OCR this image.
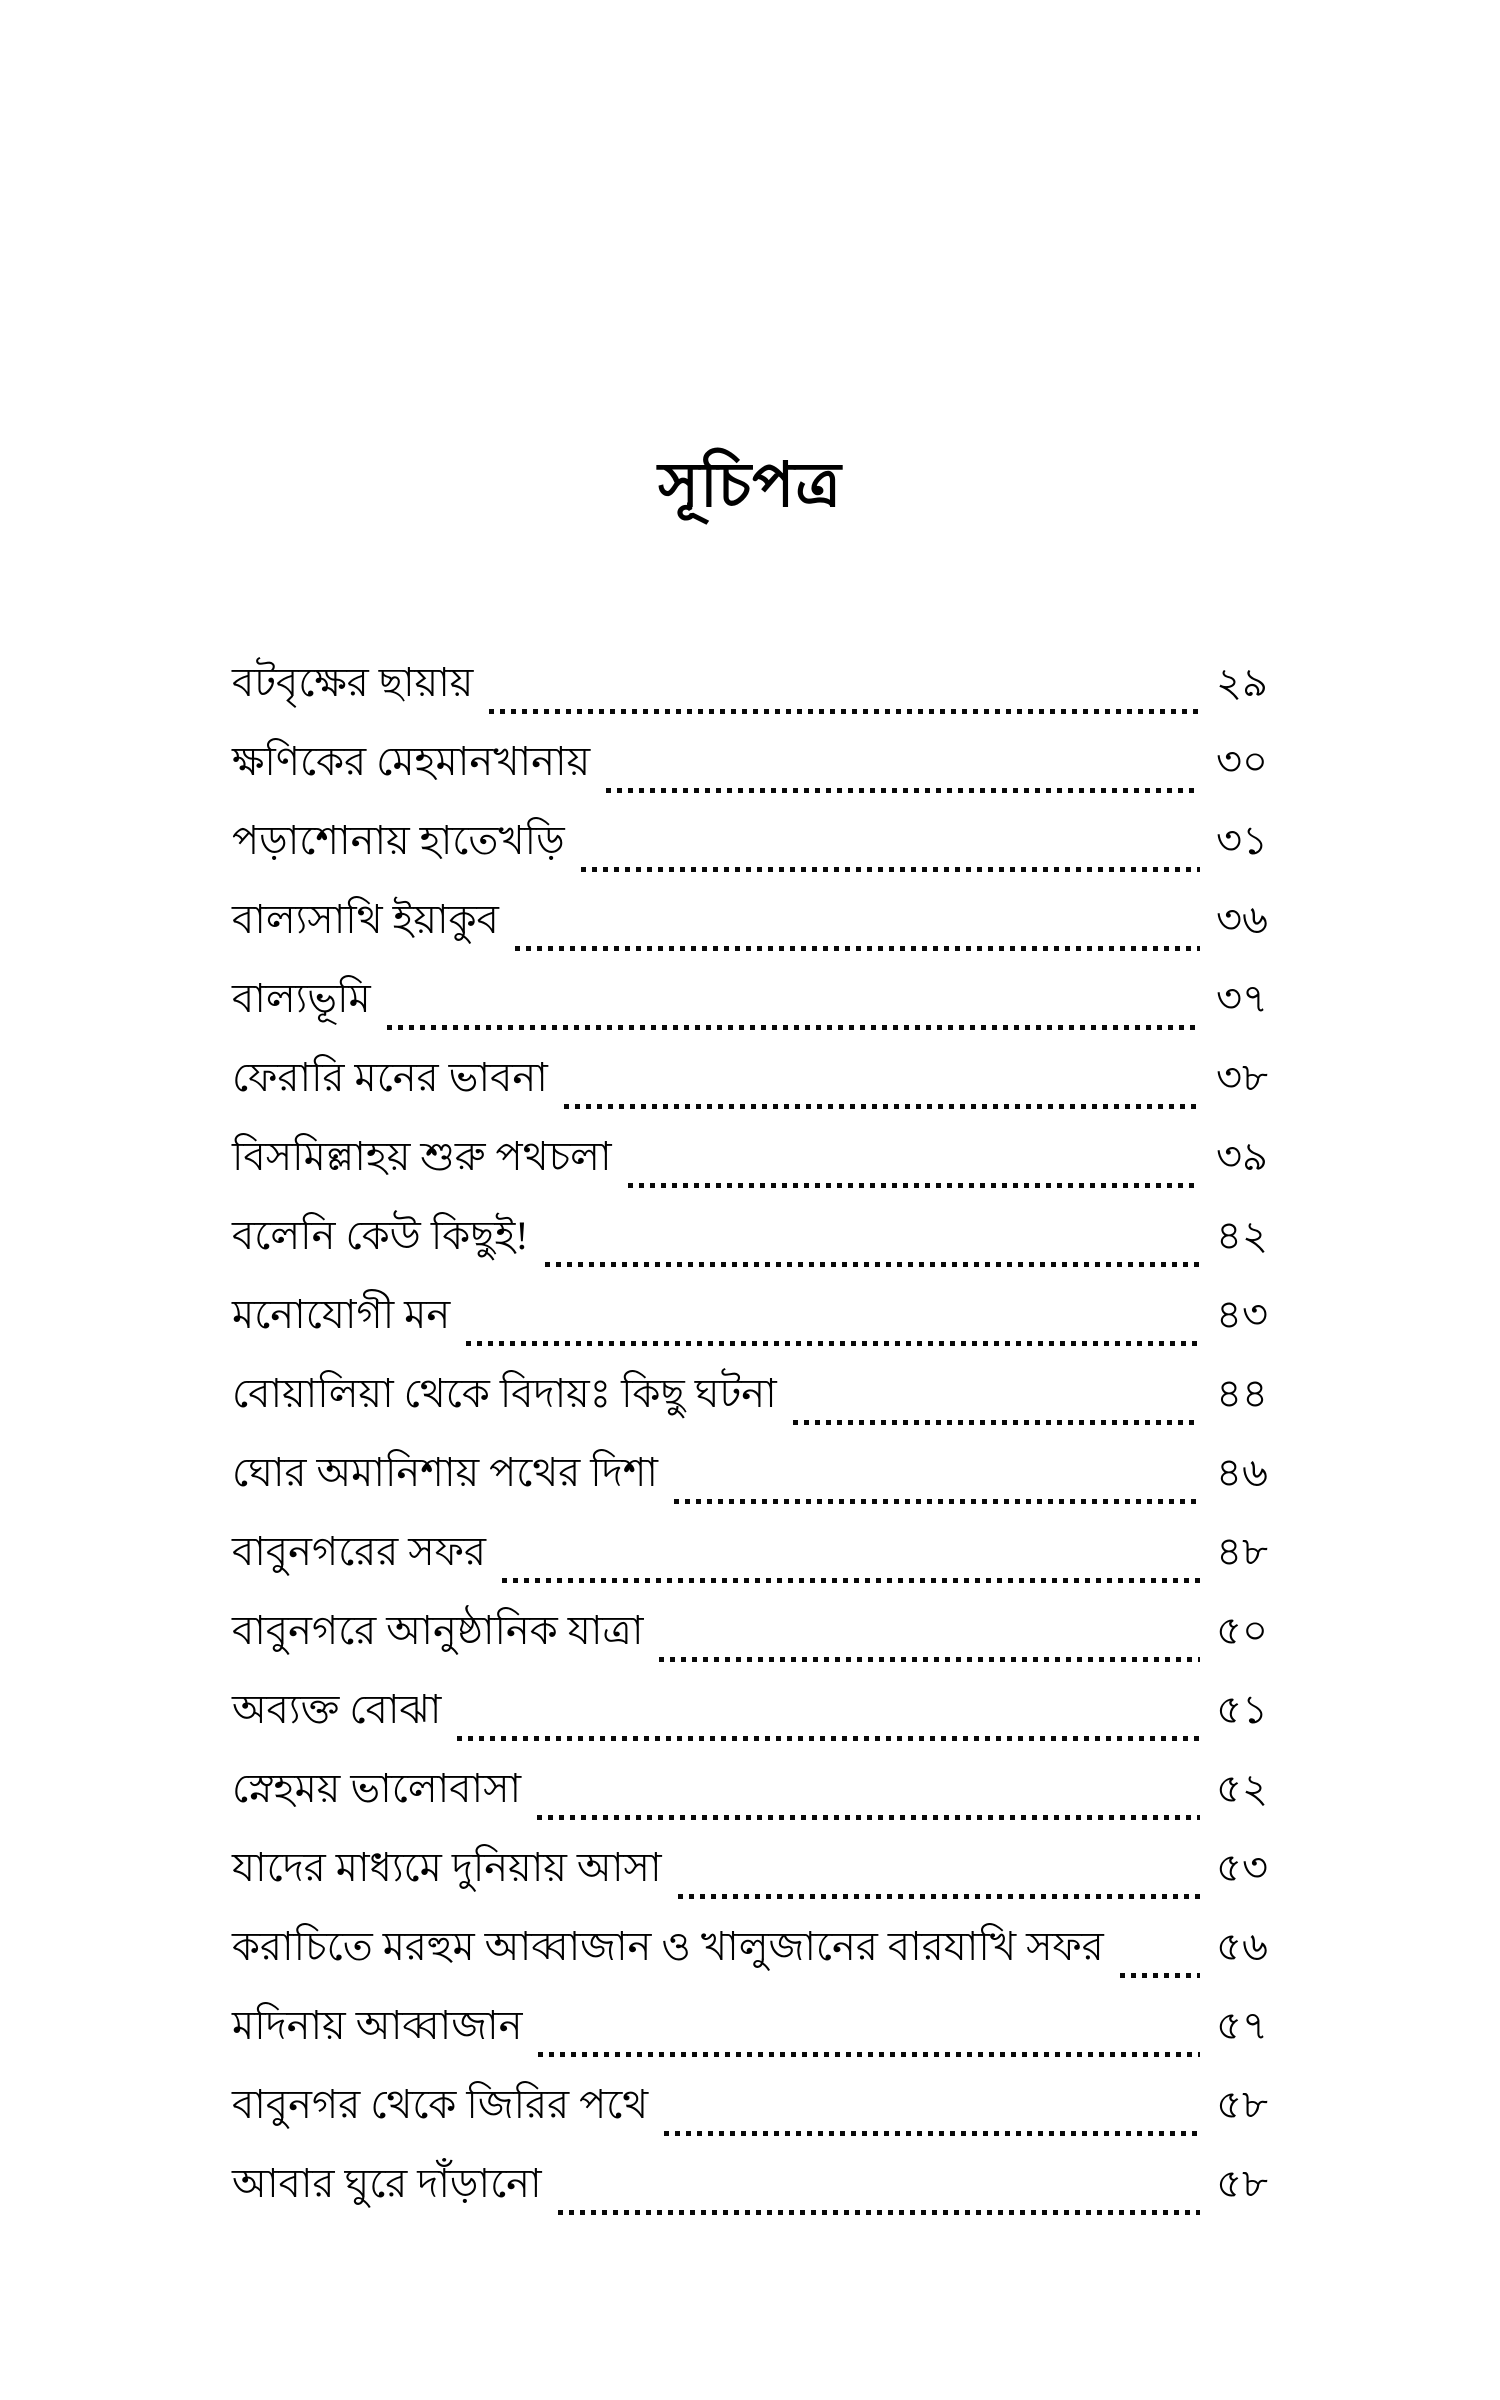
সূচিপত্র
বটবৃক্ষের ছায়ায়	২৯
ক্ষণিকের মেহমানখানায়	৩০
পড়াশোনায় হাতেখড়ি	৩১
বাল্যসাথি ইয়াকুব	৩৬
বাল্যভূমি	৩৭
ফেরারি মনের ভাবনা	৩৮
বিসমিল্লাহয় শুরু পথচলা	৩৯
বলেনি কেউ কিছুই!	৪২
মনোযোগী মন	৪৩
বোয়ালিয়া থেকে বিদায়ঃ কিছু ঘটনা	৪৪
ঘোর অমানিশায় পথের দিশা	৪৬
বাবুনগরের সফর	৪৮
বাবুনগরে আনুষ্ঠানিক যাত্রা	৫০
অব্যক্ত বোঝা	৫১
স্নেহময় ভালোবাসা	৫২
যাদের মাধ্যমে দুনিয়ায় আসা	৫৩
করাচিতে মরহুম আব্বাজান ও খালুজানের বারযাখি সফর	৫৬
মদিনায় আব্বাজান	৫৭
বাবুনগর থেকে জিরির পথে	৫৮
আবার ঘুরে দাঁড়ানো	৫৮
